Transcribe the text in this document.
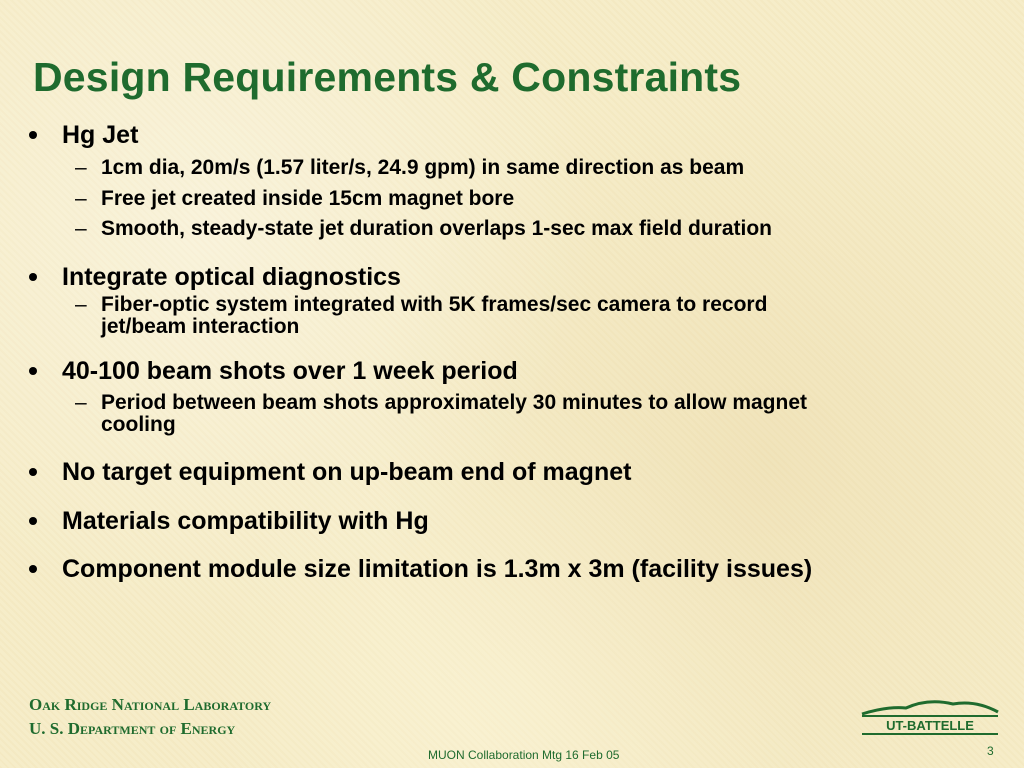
Design Requirements & Constraints
Hg Jet
– 1cm dia, 20m/s (1.57 liter/s, 24.9 gpm) in same direction as beam
– Free jet created inside 15cm magnet bore
– Smooth, steady-state jet duration overlaps 1-sec max field duration
Integrate optical diagnostics
– Fiber-optic system integrated with 5K frames/sec camera to record
jet/beam interaction
40-100 beam shots over 1 week period
– Period between beam shots approximately 30 minutes to allow magnet
cooling
No target equipment on up-beam end of magnet
Materials compatibility with Hg
Component module size limitation is 1.3m x 3m (facility issues)
Oak Ridge National Laboratory
U. S. Department of Energy
MUON Collaboration Mtg 16 Feb 05	3
UT-BATTELLE
